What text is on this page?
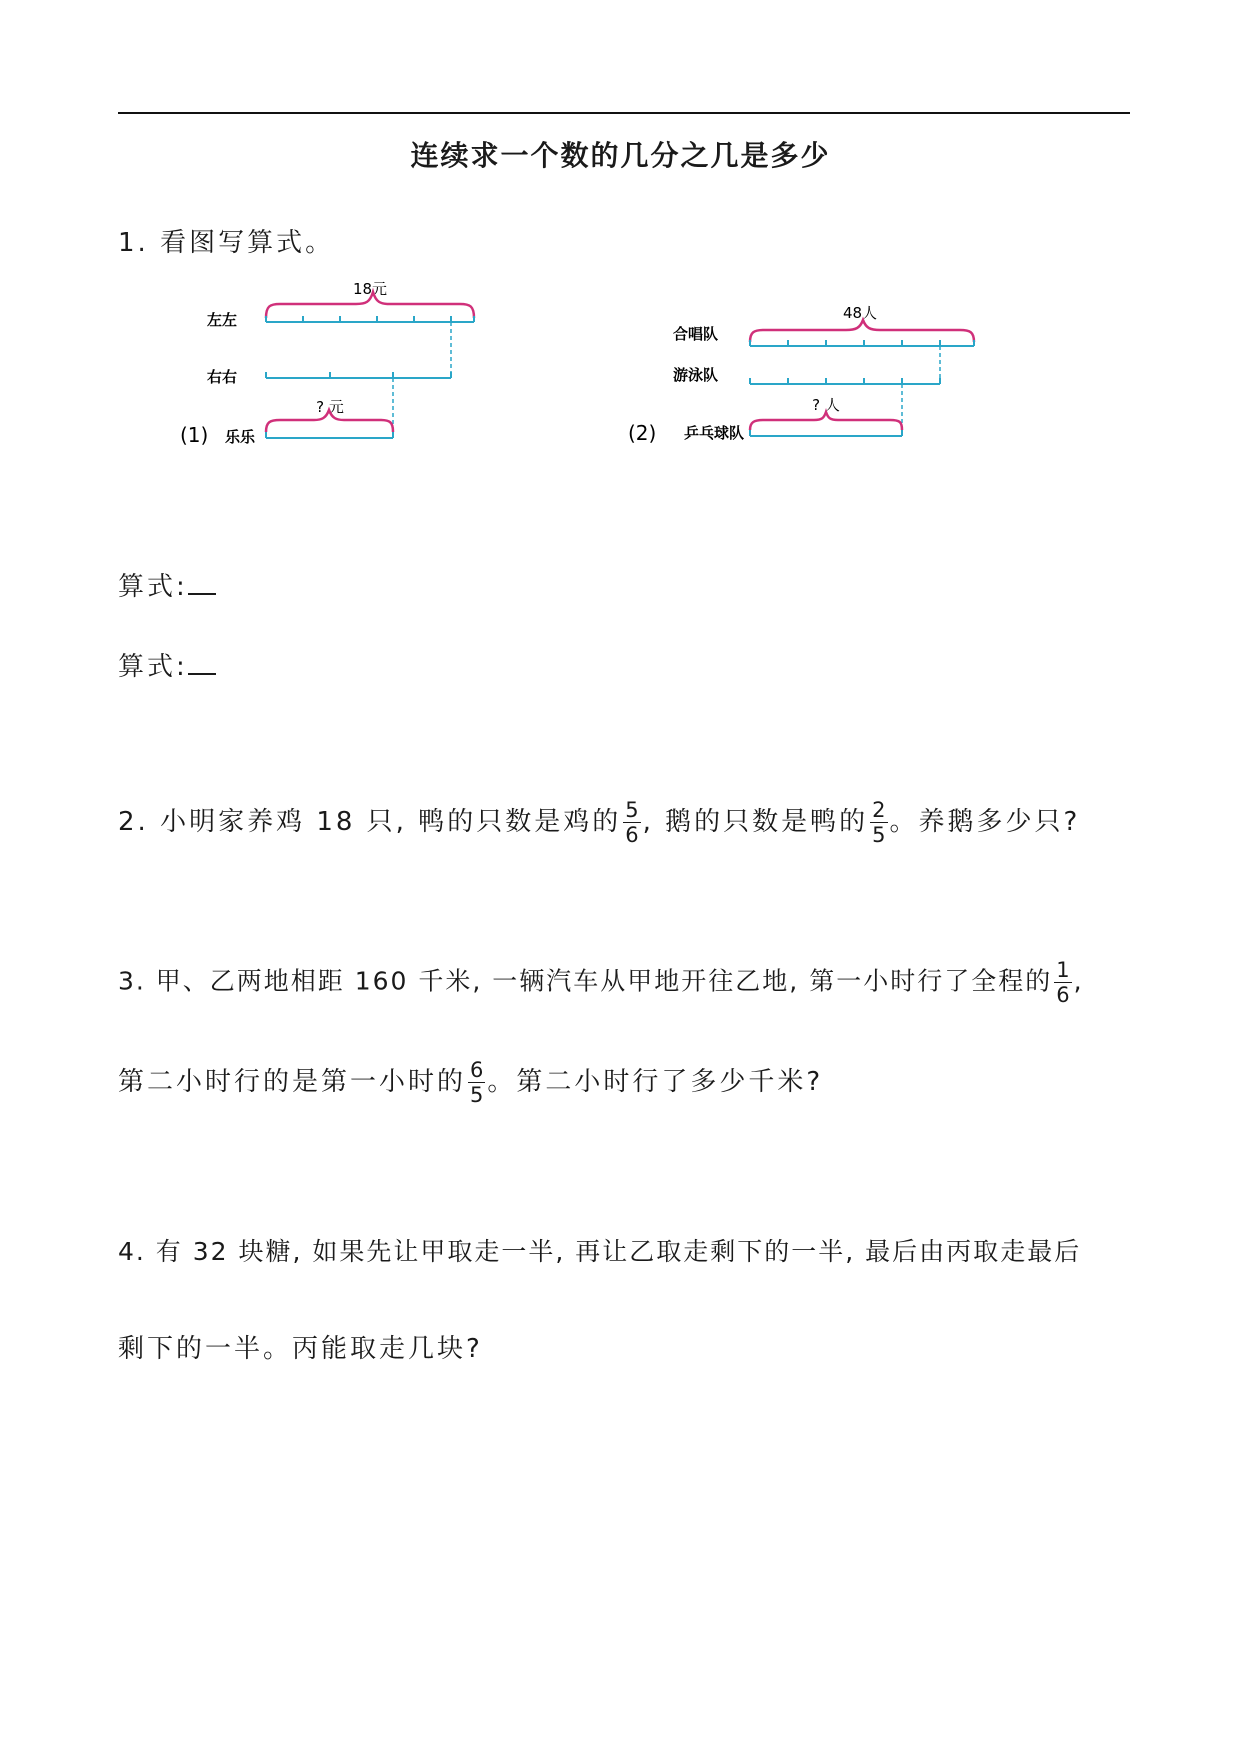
连续求一个数的几分之几是多少
1. 看图写算式。
18元
左左
右右
? 元
(1) 乐乐
48人
合唱队
游泳队
? 人
(2) 乒乓球队
算式:
算式:
2. 小明家养鸡 18 只, 鸭的只数是鸡的 $\frac{5}{6}$ , 鹅的只数是鸭的 $\frac{2}{5}$ 。养鹅多少只?
3. 甲、乙两地相距 160 千米, 一辆汽车从甲地开往乙地, 第一小时行了全程的 $\frac{1}{6}$ ,
第二小时行的是第一小时的 $\frac{6}{5}$ 。第二小时行了多少千米?
4. 有 32 块糖, 如果先让甲取走一半, 再让乙取走剩下的一半, 最后由丙取走最后
剩下的一半。丙能取走几块?
